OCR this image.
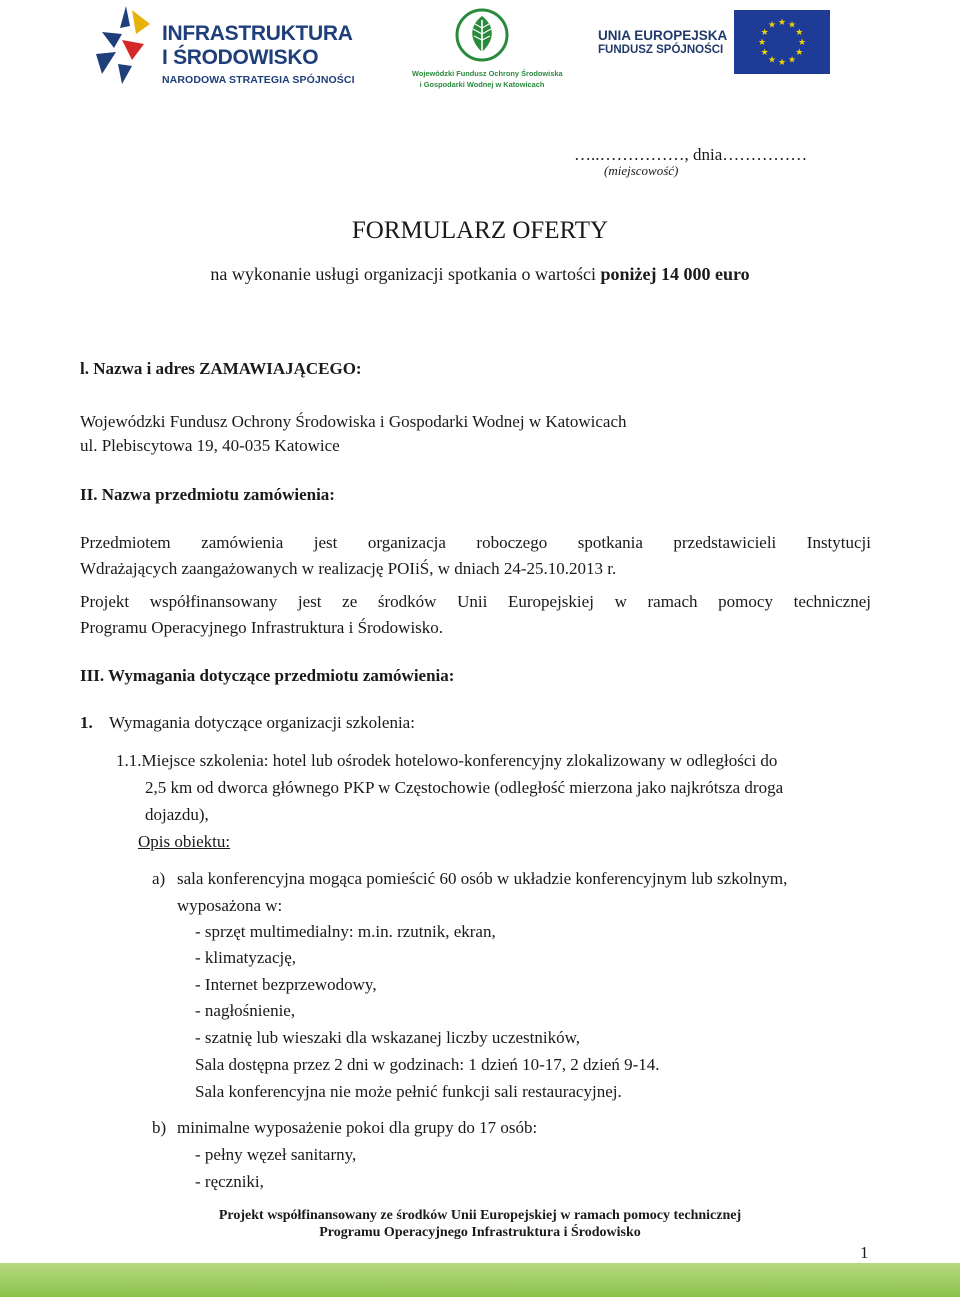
INFRASTRUKTURA
I ŚRODOWISKO
NARODOWA STRATEGIA SPÓJNOŚCI
Wojewódzki Fundusz Ochrony Środowiska
i Gospodarki Wodnej w Katowicach
UNIA EUROPEJSKA
FUNDUSZ SPÓJNOŚCI
★ ★
★
★
★
★
★
★
★
★
★
★
…..……………, dnia……………
(miejscowość)
FORMULARZ OFERTY
na wykonanie usługi organizacji spotkania o wartości poniżej 14 000 euro
l. Nazwa i adres ZAMAWIAJĄCEGO:
Wojewódzki Fundusz Ochrony Środowiska i Gospodarki Wodnej w Katowicach
ul. Plebiscytowa 19, 40-035 Katowice
II. Nazwa przedmiotu zamówienia:
Przedmiotem zamówienia jest organizacja roboczego spotkania przedstawicieli Instytucji
Wdrażających zaangażowanych w realizację POIiŚ, w dniach 24-25.10.2013 r.
Projekt współfinansowany jest ze środków Unii Europejskiej w ramach pomocy technicznej
Programu Operacyjnego Infrastruktura i Środowisko.
III. Wymagania dotyczące przedmiotu zamówienia:
1. Wymagania dotyczące organizacji szkolenia:
1.1.Miejsce szkolenia: hotel lub ośrodek hotelowo-konferencyjny zlokalizowany w odległości do
2,5 km od dworca głównego PKP w Częstochowie (odległość mierzona jako najkrótsza droga
dojazdu),
Opis obiektu:
a) sala konferencyjna mogąca pomieścić 60 osób w układzie konferencyjnym lub szkolnym,
wyposażona w:
- sprzęt multimedialny: m.in. rzutnik, ekran,
- klimatyzację,
- Internet bezprzewodowy,
- nagłośnienie,
- szatnię lub wieszaki dla wskazanej liczby uczestników,
Sala dostępna przez 2 dni w godzinach: 1 dzień 10-17, 2 dzień 9-14.
Sala konferencyjna nie może pełnić funkcji sali restauracyjnej.
b) minimalne wyposażenie pokoi dla grupy do 17 osób:
- pełny węzeł sanitarny,
- ręczniki,
Projekt współfinansowany ze środków Unii Europejskiej w ramach pomocy technicznej
Programu Operacyjnego Infrastruktura i Środowisko
1
